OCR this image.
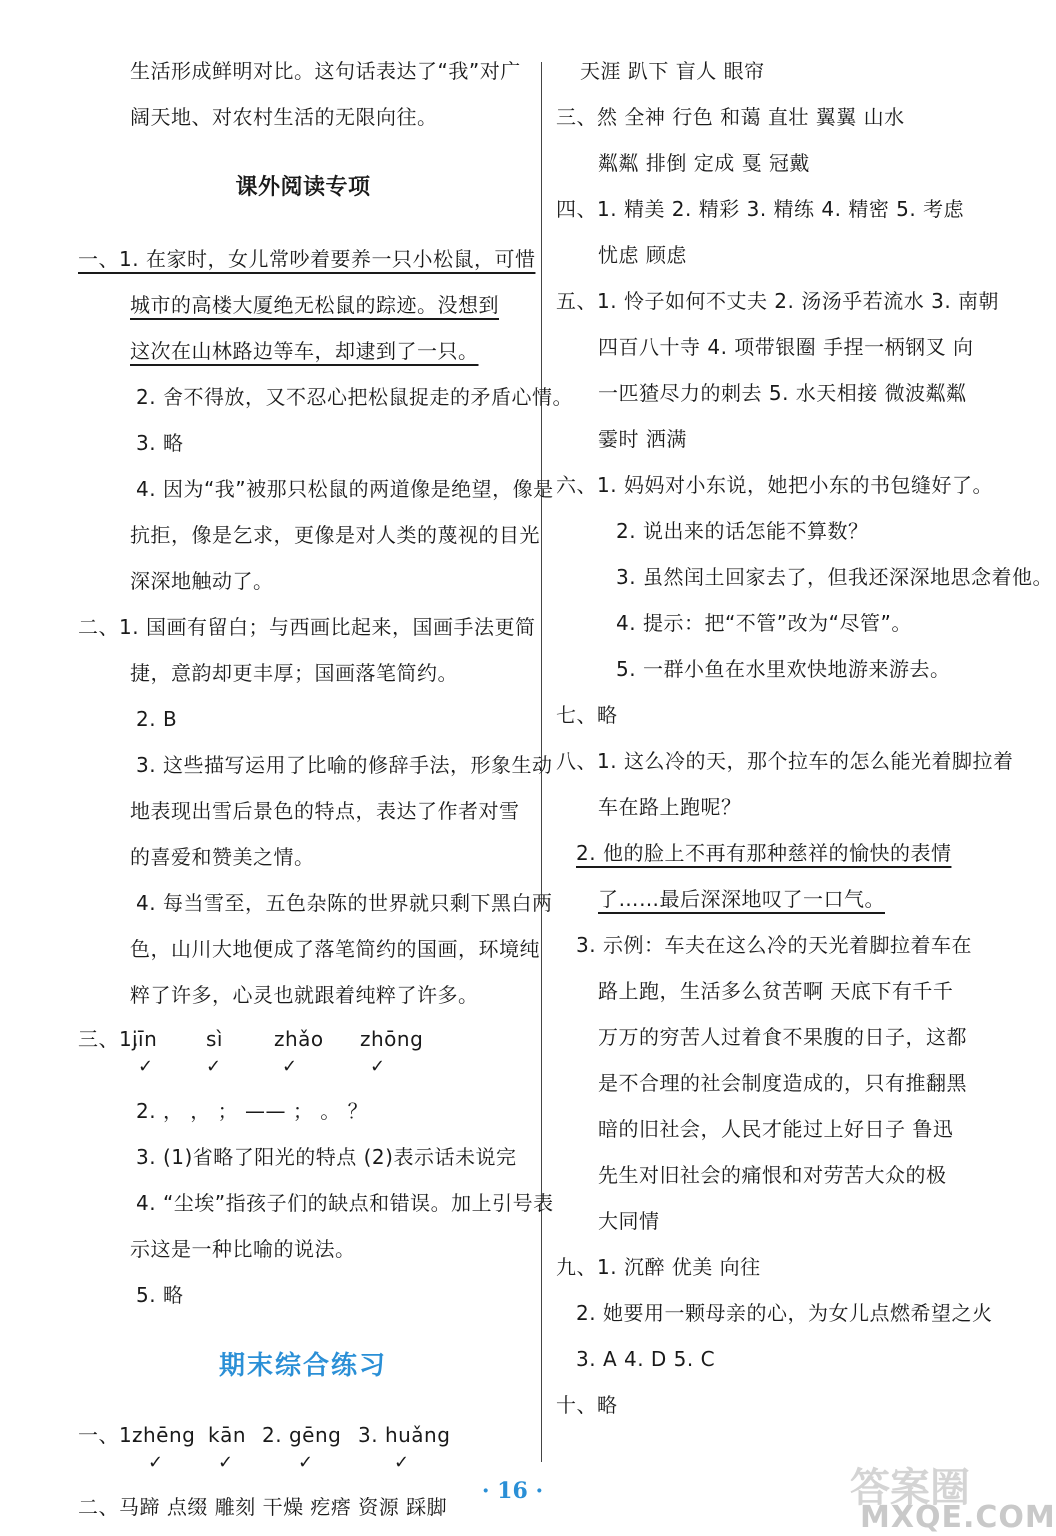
生活形成鲜明对比。这句话表达了“我”对广
阔天地、对农村生活的无限向往。
课外阅读专项
一、1. 在家时，女儿常吵着要养一只小松鼠，可惜
城市的高楼大厦绝无松鼠的踪迹。没想到
这次在山林路边等车，却逮到了一只。
2. 舍不得放，又不忍心把松鼠捉走的矛盾心情。
3. 略
4. 因为“我”被那只松鼠的两道像是绝望，像是
抗拒，像是乞求，更像是对人类的蔑视的目光
深深地触动了。
二、1. 国画有留白；与西画比起来，国画手法更简
捷，意韵却更丰厚；国画落笔简约。
2. B
3. 这些描写运用了比喻的修辞手法，形象生动
地表现出雪后景色的特点，表达了作者对雪
的喜爱和赞美之情。
4. 每当雪至，五色杂陈的世界就只剩下黑白两
色，山川大地便成了落笔简约的国画，环境纯
粹了许多，心灵也就跟着纯粹了许多。
三、1.
jīn
✓
sì
✓
zhǎo
✓
zhōng
✓
2. ， ， ； —— ； 。 ？
3. (1)省略了阳光的特点 (2)表示话未说完
4. “尘埃”指孩子们的缺点和错误。加上引号表
示这是一种比喻的说法。
5. 略
期末综合练习
一、1.
zhēng
✓
kān
✓
2. gēng
✓
3. huǎng
✓
二、马蹄 点缀 雕刻 干燥 疙瘩 资源 踩脚
天涯 趴下 盲人 眼帘
三、然 全神 行色 和蔼 直壮 翼翼 山水
粼粼 排倒 定成 戛 冠戴
四、1. 精美 2. 精彩 3. 精练 4. 精密 5. 考虑
忧虑 顾虑
五、1. 怜子如何不丈夫 2. 汤汤乎若流水 3. 南朝
四百八十寺 4. 项带银圈 手捏一柄钢叉 向
一匹猹尽力的刺去 5. 水天相接 微波粼粼
霎时 洒满
六、1. 妈妈对小东说，她把小东的书包缝好了。
2. 说出来的话怎能不算数？
3. 虽然闰土回家去了，但我还深深地思念着他。
4. 提示：把“不管”改为“尽管”。
5. 一群小鱼在水里欢快地游来游去。
七、略
八、1. 这么冷的天，那个拉车的怎么能光着脚拉着
车在路上跑呢？
2. 他的脸上不再有那种慈祥的愉快的表情
了……最后深深地叹了一口气。
3. 示例：车夫在这么冷的天光着脚拉着车在
路上跑，生活多么贫苦啊 天底下有千千
万万的穷苦人过着食不果腹的日子，这都
是不合理的社会制度造成的，只有推翻黑
暗的旧社会，人民才能过上好日子 鲁迅
先生对旧社会的痛恨和对劳苦大众的极
大同情
九、1. 沉醉 优美 向往
2. 她要用一颗母亲的心，为女儿点燃希望之火
3. A 4. D 5. C
十、略
· 16 ·	答案圈
MXQE.COM
